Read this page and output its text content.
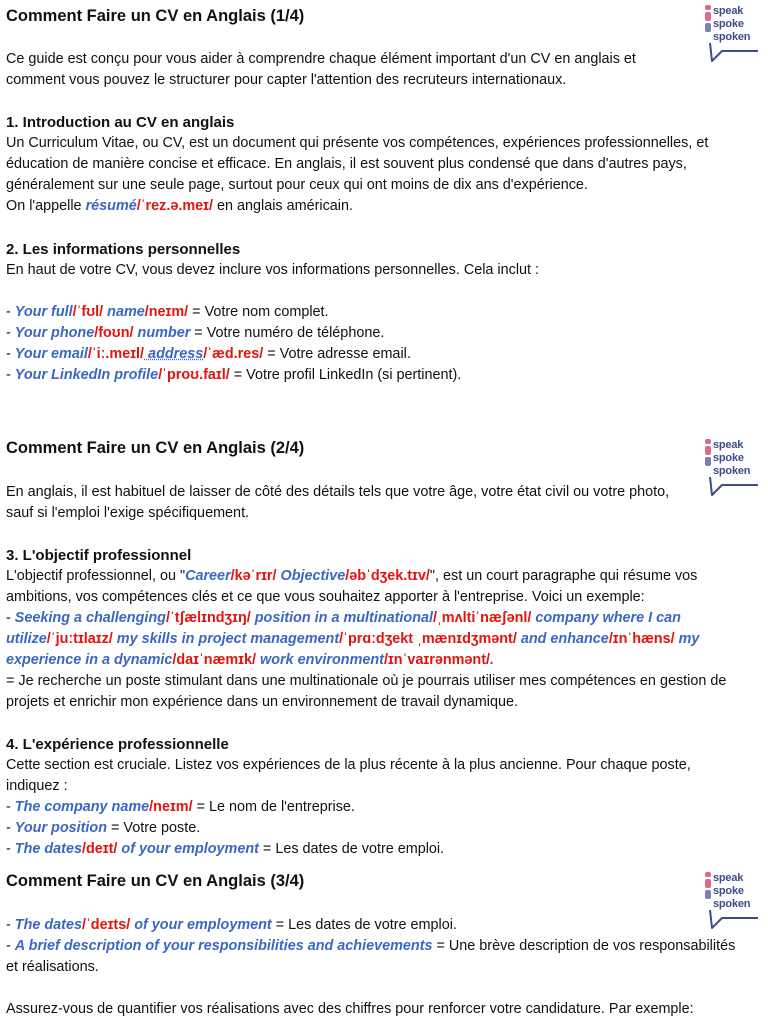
Comment Faire un CV en Anglais (1/4)	speak
spoke
spoken
Ce guide est conçu pour vous aider à comprendre chaque élément important d'un CV en anglais et
comment vous pouvez le structurer pour capter l'attention des recruteurs internationaux.
1. Introduction au CV en anglais
Un Curriculum Vitae, ou CV, est un document qui présente vos compétences, expériences professionnelles, et
éducation de manière concise et efficace. En anglais, il est souvent plus condensé que dans d'autres pays,
généralement sur une seule page, surtout pour ceux qui ont moins de dix ans d'expérience.
On l'appelle résumé/ˈrez.ə.meɪ/ en anglais américain.
2. Les informations personnelles
En haut de votre CV, vous devez inclure vos informations personnelles. Cela inclut :
- Your full/ˈfʊl/ name/neɪm/ = Votre nom complet.
- Your phone/foʊn/ number = Votre numéro de téléphone.
- Your email/ˈiː.meɪl/ address/ˈæd.res/ = Votre adresse email.
- Your LinkedIn profile/ˈproʊ.faɪl/ = Votre profil LinkedIn (si pertinent).
Comment Faire un CV en Anglais (2/4)	speak
spoke
spoken
En anglais, il est habituel de laisser de côté des détails tels que votre âge, votre état civil ou votre photo,
sauf si l'emploi l'exige spécifiquement.
3. L'objectif professionnel
L'objectif professionnel, ou "Career/kəˈrɪr/ Objective/əbˈdʒek.tɪv/", est un court paragraphe qui résume vos
ambitions, vos compétences clés et ce que vous souhaitez apporter à l'entreprise. Voici un exemple:
- Seeking a challenging/ˈtʃælɪndʒɪŋ/ position in a multinational/ˌmʌltiˈnæʃənl/ company where I can
utilize/ˈjuːtɪlaɪz/ my skills in project management/ˈprɑːdʒekt ˌmænɪdʒmənt/ and enhance/ɪnˈhæns/ my
experience in a dynamic/daɪˈnæmɪk/ work environment/ɪnˈvaɪrənmənt/.
= Je recherche un poste stimulant dans une multinationale où je pourrais utiliser mes compétences en gestion de
projets et enrichir mon expérience dans un environnement de travail dynamique.
4. L'expérience professionnelle
Cette section est cruciale. Listez vos expériences de la plus récente à la plus ancienne. Pour chaque poste,
indiquez :
- The company name/neɪm/ = Le nom de l'entreprise.
- Your position = Votre poste.
- The dates/deɪt/ of your employment = Les dates de votre emploi.
Comment Faire un CV en Anglais (3/4)	speak
spoke
spoken
- The dates/ˈdeɪts/ of your employment = Les dates de votre emploi.
- A brief description of your responsibilities and achievements = Une brève description de vos responsabilités
et réalisations.
Assurez-vous de quantifier vos réalisations avec des chiffres pour renforcer votre candidature. Par exemple:
